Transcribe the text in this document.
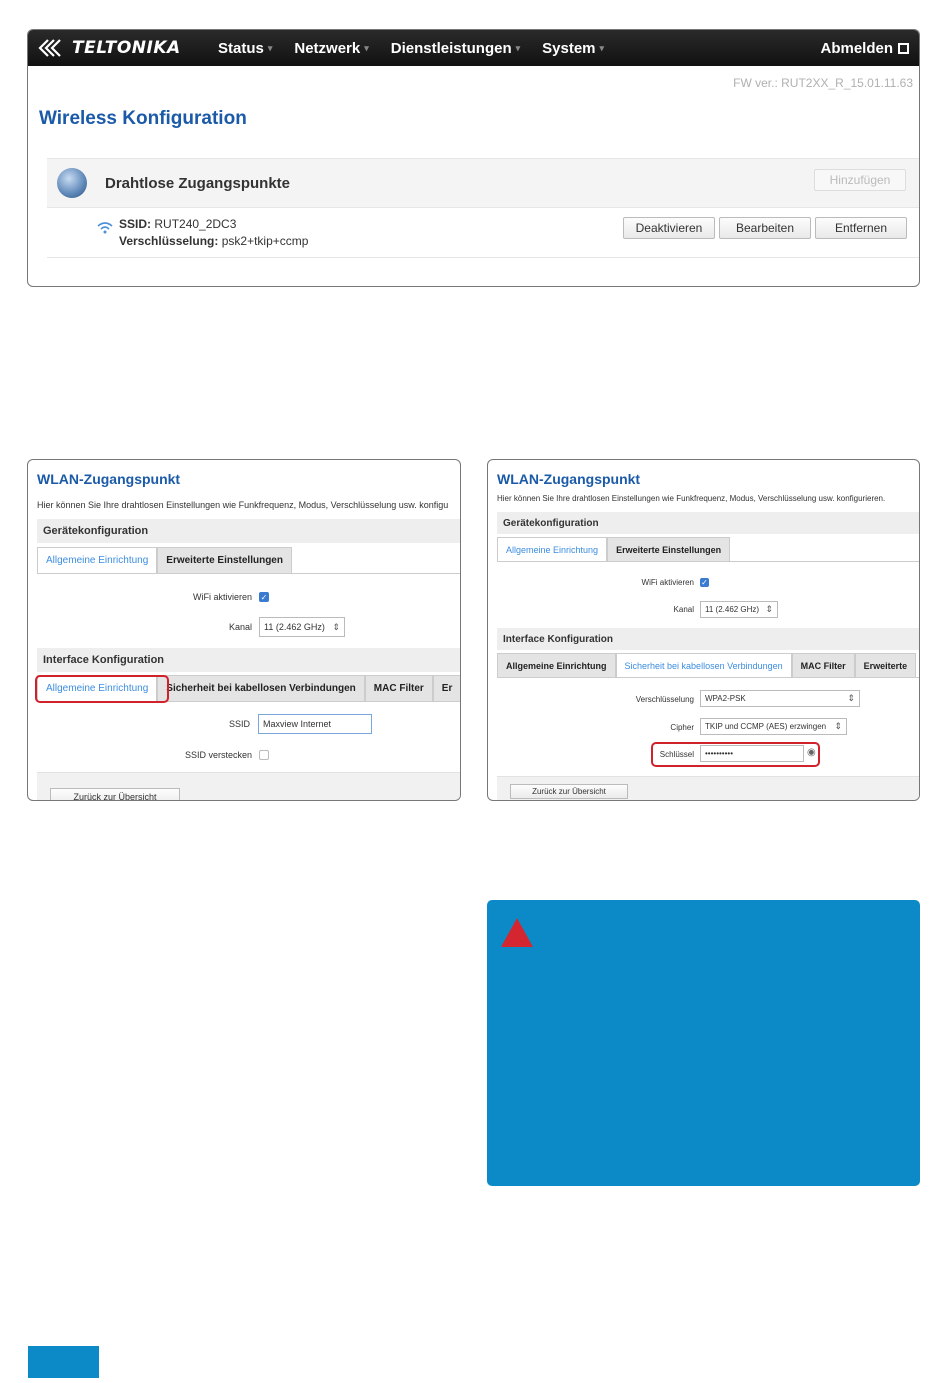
TELTONIKA Status ▾ Netzwerk ▾ Dienstleistungen ▾ System ▾	Abmelden
FW ver.: RUT2XX_R_15.01.11.63
Wireless Konfiguration
Drahtlose Zugangspunkte	Hinzufügen
SSID: RUT240_2DC3
Verschlüsselung: psk2+tkip+ccmp
Deaktivieren	Bearbeiten	Entfernen
WLAN-Zugangspunkt
Hier können Sie Ihre drahtlosen Einstellungen wie Funkfrequenz, Modus, Verschlüsselung usw. konfigu
Gerätekonfiguration
Allgemeine Einrichtung	Erweiterte Einstellungen
WiFi aktivieren ✓
Kanal 11 (2.462 GHz)
⇕
Interface Konfiguration
Allgemeine Einrichtung	Sicherheit bei kabellosen Verbindungen	MAC Filter	Er
SSID Maxview Internet
SSID verstecken
Zurück zur Übersicht
WLAN-Zugangspunkt
Hier können Sie Ihre drahtlosen Einstellungen wie Funkfrequenz, Modus, Verschlüsselung usw. konfigurieren.
Gerätekonfiguration
Allgemeine Einrichtung	Erweiterte Einstellungen
WiFi aktivieren ✓
Kanal 11 (2.462 GHz)
⇕
Interface Konfiguration
Allgemeine Einrichtung	Sicherheit bei kabellosen Verbindungen	MAC Filter	Erweiterte
Verschlüsselung WPA2-PSK
⇕
Cipher TKIP und CCMP (AES) erzwingen
⇕
Schlüssel ••••••••••	◉
Zurück zur Übersicht
